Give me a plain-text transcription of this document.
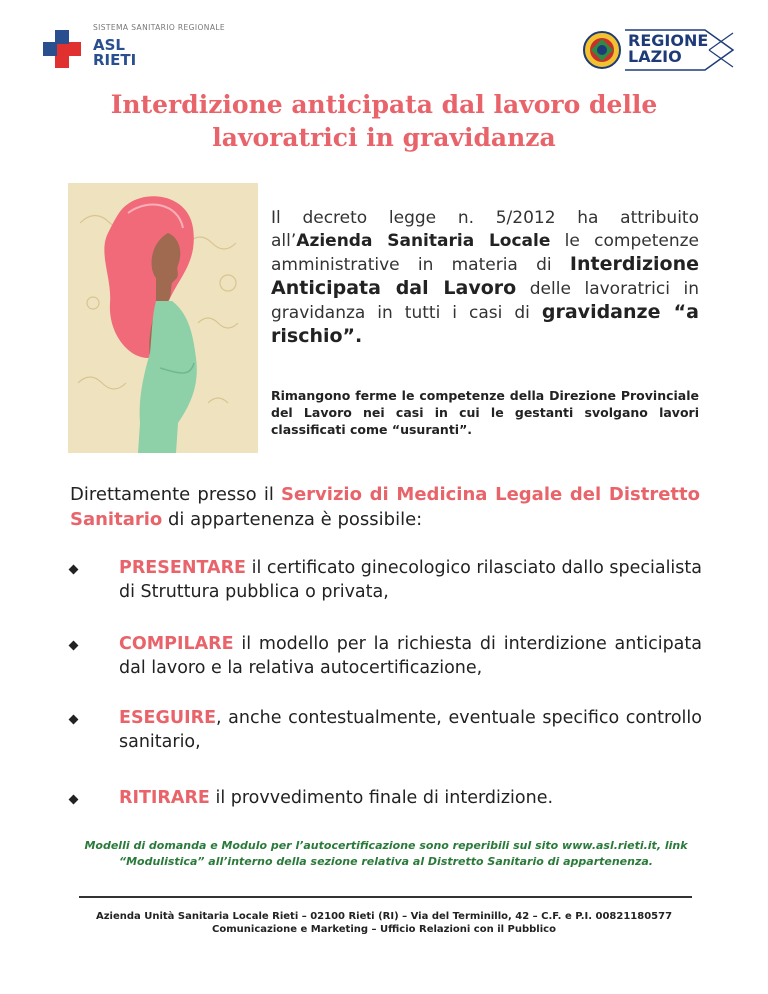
SISTEMA SANITARIO REGIONALE
ASL
RIETI
REGIONE
LAZIO
Interdizione anticipata dal lavoro delle lavoratrici in gravidanza
Il decreto legge n. 5/2012 ha attribuito all’Azienda Sanitaria Locale le competenze amministrative in materia di Interdizione Anticipata dal Lavoro delle lavoratrici in gravidanza in tutti i casi di gravidanze “a rischio”.
Rimangono ferme le competenze della Direzione Provinciale del Lavoro nei casi in cui le gestanti svolgano lavori classificati come “usuranti”.
Direttamente presso il Servizio di Medicina Legale del Distretto Sanitario di appartenenza è possibile:
PRESENTARE il certificato ginecologico rilasciato dallo specialista di Struttura pubblica o privata,
COMPILARE il modello per la richiesta di interdizione anticipata dal lavoro e la relativa autocertificazione,
ESEGUIRE, anche contestualmente, eventuale specifico controllo sanitario,
RITIRARE il provvedimento finale di interdizione.
Modelli di domanda e Modulo per l’autocertificazione sono reperibili sul sito www.asl.rieti.it, link “Modulistica” all’interno della sezione relativa al Distretto Sanitario di appartenenza.
Azienda Unità Sanitaria Locale Rieti – 02100 Rieti (RI) – Via del Terminillo, 42 – C.F. e P.I. 00821180577
Comunicazione e Marketing – Ufficio Relazioni con il Pubblico
